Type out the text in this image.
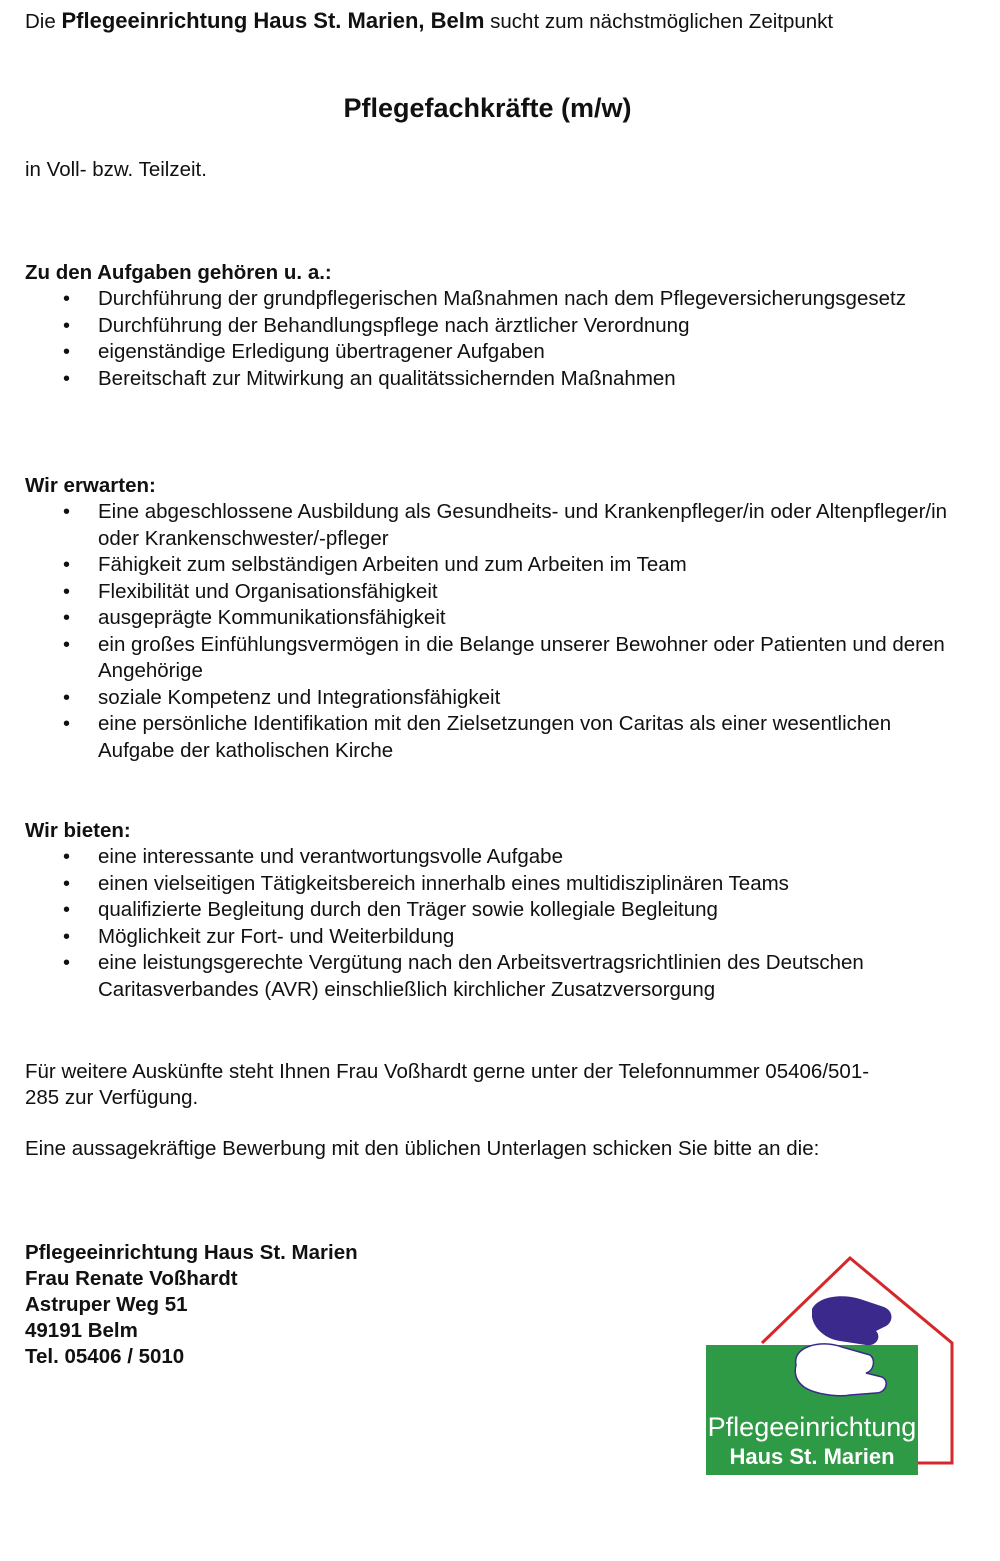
Die Pflegeeinrichtung Haus St. Marien, Belm sucht zum nächstmöglichen Zeitpunkt
Pflegefachkräfte (m/w)
in Voll- bzw. Teilzeit.
Zu den Aufgaben gehören u. a.:
• Durchführung der grundpflegerischen Maßnahmen nach dem Pflegeversicherungsgesetz
• Durchführung der Behandlungspflege nach ärztlicher Verordnung
• eigenständige Erledigung übertragener Aufgaben
• Bereitschaft zur Mitwirkung an qualitätssichernden Maßnahmen
Wir erwarten:
• Eine abgeschlossene Ausbildung als Gesundheits- und Krankenpfleger/in oder Altenpfleger/in oder Krankenschwester/-pfleger
• Fähigkeit zum selbständigen Arbeiten und zum Arbeiten im Team
• Flexibilität und Organisationsfähigkeit
• ausgeprägte Kommunikationsfähigkeit
• ein großes Einfühlungsvermögen in die Belange unserer Bewohner oder Patienten und deren Angehörige
• soziale Kompetenz und Integrationsfähigkeit
• eine persönliche Identifikation mit den Zielsetzungen von Caritas als einer wesentlichen Aufgabe der katholischen Kirche
Wir bieten:
• eine interessante und verantwortungsvolle Aufgabe
• einen vielseitigen Tätigkeitsbereich innerhalb eines multidisziplinären Teams
• qualifizierte Begleitung durch den Träger sowie kollegiale Begleitung
• Möglichkeit zur Fort- und Weiterbildung
• eine leistungsgerechte Vergütung nach den Arbeitsvertragsrichtlinien des Deutschen Caritasverbandes (AVR) einschließlich kirchlicher Zusatzversorgung
Für weitere Auskünfte steht Ihnen Frau Voßhardt gerne unter der Telefonnummer 05406/501-285 zur Verfügung.
Eine aussagekräftige Bewerbung mit den üblichen Unterlagen schicken Sie bitte an die:
Pflegeeinrichtung Haus St. Marien
Frau Renate Voßhardt
Astruper Weg 51
49191 Belm
Tel. 05406 / 5010
Pflegeeinrichtung
Haus St. Marien
